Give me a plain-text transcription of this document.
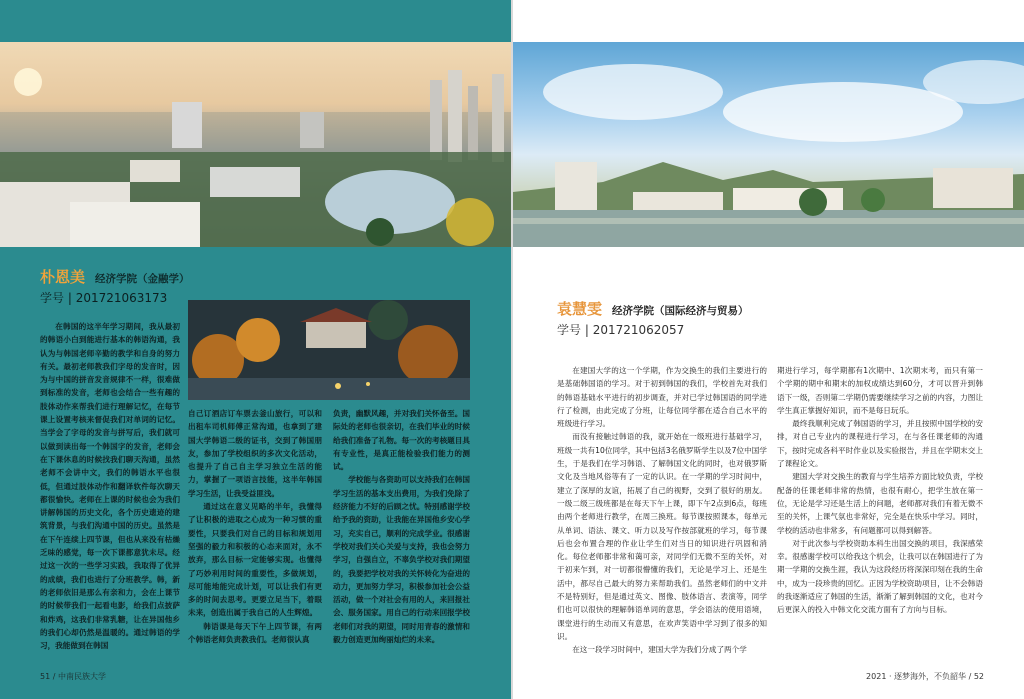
朴恩美 经济学院（金融学）
学号 | 201721063173

在韩国的这半年学习期间，我从最初的韩语小白到能进行基本的韩语沟通，我认为与韩国老师辛勤的教学和自身的努力有关。最初老师教我们字母的发音时，因为与中国的拼音发音规律不一样，很难做到标准的发音，老师也会结合一些有趣的肢体动作来帮我们进行理解记忆，在每节课上设置考核来督促我们对单词的记忆。当学会了字母的发音与拼写后，我们就可以做到读出每一个韩国字的发音，老师会在下课休息的时候找我们聊天沟通，虽然老师不会讲中文，我们的韩语水平也很低，但通过肢体动作和翻译软件每次聊天都很愉快。老师在上课的时候也会为我们讲解韩国的历史文化，各个历史遗迹的建筑背景，与我们沟通中国的历史。虽然是在下午连续上四节课，但也从来没有枯燥乏味的感觉，每一次下课都意犹未尽。经过这一次的一些学习实践，我取得了优异的成绩，我们也进行了分班教学。韩，新的老师依旧是那么有亲和力，会在上课节的时候带我们一起看电影，给我们点披萨和炸鸡，这我们非常乳糖，让在异国他乡的我们心却仍然是温暖的。通过韩语的学习，我能做到在韩国

自己订酒店订车票去釜山旅行，可以和出租车司机师傅正常沟通，也拿到了建国大学韩语二级的证书，交到了韩国朋友，参加了学校组织的多次文化活动，也提升了自己自主学习独立生活的能力，掌握了一项语言技能，这半年韩国学习生活，让我受益匪浅。

通过这在意义见略的半年，我懂得了让积极的进取之心成为一种习惯的重要性，只要我们对自己的目标和规划用坚强的毅力和积极的心态来面对，永不放弃，那么目标一定能够实现。也懂得了巧妙利用时间的重要性，多做规划，尽可能地能完成计划，可以让我们有更多的时间去思考。更要立足当下，着眼未来，创造出属于我自己的人生辉煌。

韩语课是每天下午上四节课，有两个韩语老师负责教我们。老师很认真

负责，幽默风趣，并对我们关怀备至。国际处的老师也很亲切，在我们毕业的时候给我们准备了礼物。每一次的考核题目具有专业性，是真正能检验我们能力的测试。

学校能与各资助可以支持我们在韩国学习生活的基本支出费用，为我们免除了经济能力不好的后顾之忧。特别感谢学校给予我的资助，让我能在异国他乡安心学习，充实自己，顺利的完成学业。很感谢学校对我们关心关爱与支持，我也会努力学习，自强自立，不辜负学校对我们期望的，我要把学校对我的关怀转化为奋进的动力，更加努力学习，积极参加社会公益活动，做一个对社会有用的人，来回报社会、服务国家。用自己的行动来回报学校老师们对我的期望，同时用青春的激情和毅力创造更加绚丽灿烂的未来。

51 / 中南民族大学
袁慧雯 经济学院（国际经济与贸易）
学号 | 201721062057

在建国大学的这一个学期，作为交换生的我们主要进行的是基础韩国语的学习。对于初到韩国的我们，学校首先对我们的韩语基础水平进行的初步调查，并对已学过韩国语的同学进行了检测，由此完成了分班，让每位同学都在适合自己水平的班级进行学习。

而没有接触过韩语的我，就开始在一级班进行基础学习，班级一共有10位同学，其中包括3名俄罗斯学生以及7位中国学生，于是我们在学习韩语、了解韩国文化的同时，也对俄罗斯文化及当地风俗等有了一定的认识。在一学期的学习时间中，建立了深厚的友谊，拓展了自己的视野，交到了很好的朋友。一级二级三级班都是在每天下午上课，即下午2点到6点，每班由两个老师进行教学，在周三换班。每节课按照课本，每单元从单词、语法、课文、听力以及写作按部就班的学习，每节课后也会布置合理的作业让学生们对当日的知识进行巩固和消化。每位老师都非常和蔼可亲，对同学们无微不至的关怀，对于初来乍到，对一切都很懵懂的我们，无论是学习上、还是生活中，都尽自己最大的努力来帮助我们。虽然老师们的中文并不是特别好，但是通过英文、图像、肢体语言、表演等，同学们也可以很快的理解韩语单词的意思，学会语法的使用语境，课堂进行的生动而又有意思，在欢声笑语中学习到了很多的知识。

在这一段学习时间中，建国大学为我们分成了两个学

期进行学习，每学期都有1次期中、1次期末考，而只有第一个学期的期中和期末的加权成绩达到60分，才可以晋升到韩语下一级，否则第二学期仍需要继续学习之前的内容，力图让学生真正掌握好知识，而不是每日玩乐。

最终我顺利完成了韩国语的学习，并且按照中国学校的安排，对自己专业内的课程进行学习，在与各任课老师的沟通下，按时完成各科平时作业以及实验报告，并且在学期末交上了课程论文。

建国大学对交换生的教育与学生培养方面比较负责，学校配备的任课老师非常的热情，也很有耐心，把学生放在第一位，无论是学习还是生活上的问题，老师都对我们有着无微不至的关怀，上课气氛也非常好，完全是在快乐中学习。同时，学校的活动也非常多，有问题都可以得到解答。

对于此次参与学校资助本科生出国交换的项目，我深感荣幸。很感谢学校可以给我这个机会，让我可以在韩国进行了为期一学期的交换生涯，我认为这段经历将深深印刻在我的生命中，成为一段珍贵的回忆。正因为学校资助项目，让不会韩语的我逐渐适应了韩国的生活，渐渐了解到韩国的文化，也对今后更深入的投入中韩文化交流方面有了方向与目标。

2021 · 逐梦海外，不负韶华 / 52
